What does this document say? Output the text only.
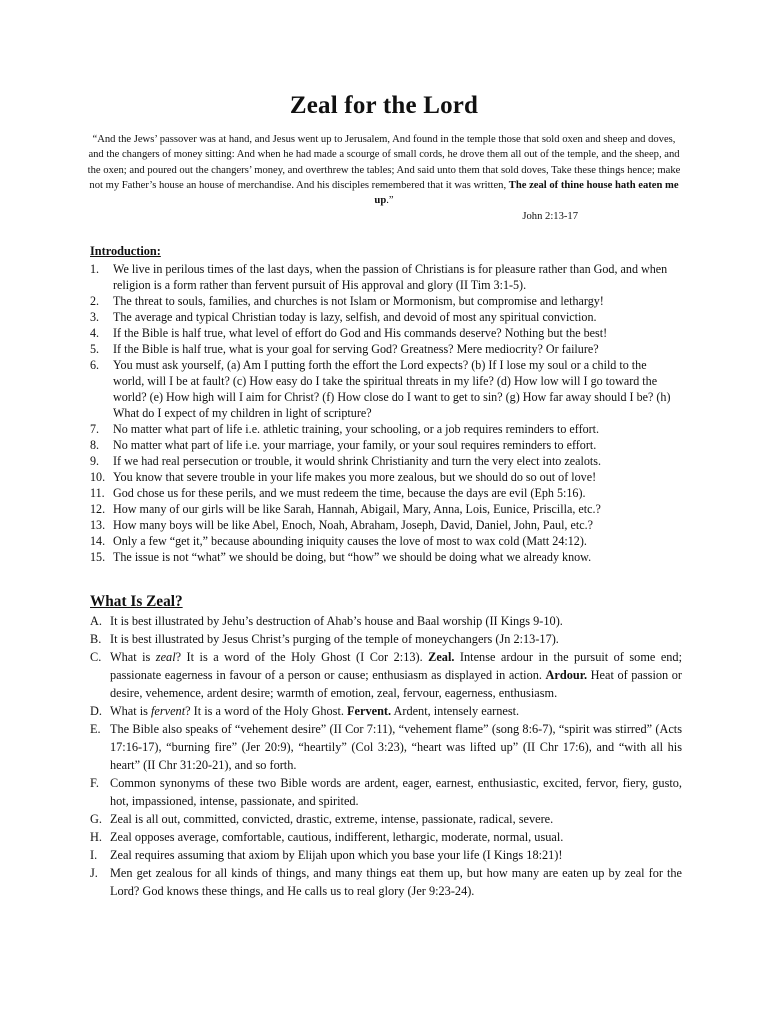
Zeal for the Lord
“And the Jews’ passover was at hand, and Jesus went up to Jerusalem, And found in the temple those that sold oxen and sheep and doves, and the changers of money sitting: And when he had made a scourge of small cords, he drove them all out of the temple, and the sheep, and the oxen; and poured out the changers’ money, and overthrew the tables; And said unto them that sold doves, Take these things hence; make not my Father’s house an house of merchandise. And his disciples remembered that it was written, The zeal of thine house hath eaten me up.”
John 2:13-17
Introduction:
1. We live in perilous times of the last days, when the passion of Christians is for pleasure rather than God, and when religion is a form rather than fervent pursuit of His approval and glory (II Tim 3:1-5).
2. The threat to souls, families, and churches is not Islam or Mormonism, but compromise and lethargy!
3. The average and typical Christian today is lazy, selfish, and devoid of most any spiritual conviction.
4. If the Bible is half true, what level of effort do God and His commands deserve? Nothing but the best!
5. If the Bible is half true, what is your goal for serving God? Greatness? Mere mediocrity? Or failure?
6. You must ask yourself, (a) Am I putting forth the effort the Lord expects? (b) If I lose my soul or a child to the world, will I be at fault? (c) How easy do I take the spiritual threats in my life? (d) How low will I go toward the world? (e) How high will I aim for Christ? (f) How close do I want to get to sin? (g) How far away should I be? (h) What do I expect of my children in light of scripture?
7. No matter what part of life i.e. athletic training, your schooling, or a job requires reminders to effort.
8. No matter what part of life i.e. your marriage, your family, or your soul requires reminders to effort.
9. If we had real persecution or trouble, it would shrink Christianity and turn the very elect into zealots.
10. You know that severe trouble in your life makes you more zealous, but we should do so out of love!
11. God chose us for these perils, and we must redeem the time, because the days are evil (Eph 5:16).
12. How many of our girls will be like Sarah, Hannah, Abigail, Mary, Anna, Lois, Eunice, Priscilla, etc.?
13. How many boys will be like Abel, Enoch, Noah, Abraham, Joseph, David, Daniel, John, Paul, etc.?
14. Only a few “get it,” because abounding iniquity causes the love of most to wax cold (Matt 24:12).
15. The issue is not “what” we should be doing, but “how” we should be doing what we already know.
What Is Zeal?
A. It is best illustrated by Jehu’s destruction of Ahab’s house and Baal worship (II Kings 9-10).
B. It is best illustrated by Jesus Christ’s purging of the temple of moneychangers (Jn 2:13-17).
C. What is zeal? It is a word of the Holy Ghost (I Cor 2:13). Zeal. Intense ardour in the pursuit of some end; passionate eagerness in favour of a person or cause; enthusiasm as displayed in action. Ardour. Heat of passion or desire, vehemence, ardent desire; warmth of emotion, zeal, fervour, eagerness, enthusiasm.
D. What is fervent? It is a word of the Holy Ghost. Fervent. Ardent, intensely earnest.
E. The Bible also speaks of “vehement desire” (II Cor 7:11), “vehement flame” (song 8:6-7), “spirit was stirred” (Acts 17:16-17), “burning fire” (Jer 20:9), “heartily” (Col 3:23), “heart was lifted up” (II Chr 17:6), and “with all his heart” (II Chr 31:20-21), and so forth.
F. Common synonyms of these two Bible words are ardent, eager, earnest, enthusiastic, excited, fervor, fiery, gusto, hot, impassioned, intense, passionate, and spirited.
G. Zeal is all out, committed, convicted, drastic, extreme, intense, passionate, radical, severe.
H. Zeal opposes average, comfortable, cautious, indifferent, lethargic, moderate, normal, usual.
I. Zeal requires assuming that axiom by Elijah upon which you base your life (I Kings 18:21)!
J. Men get zealous for all kinds of things, and many things eat them up, but how many are eaten up by zeal for the Lord? God knows these things, and He calls us to real glory (Jer 9:23-24).
